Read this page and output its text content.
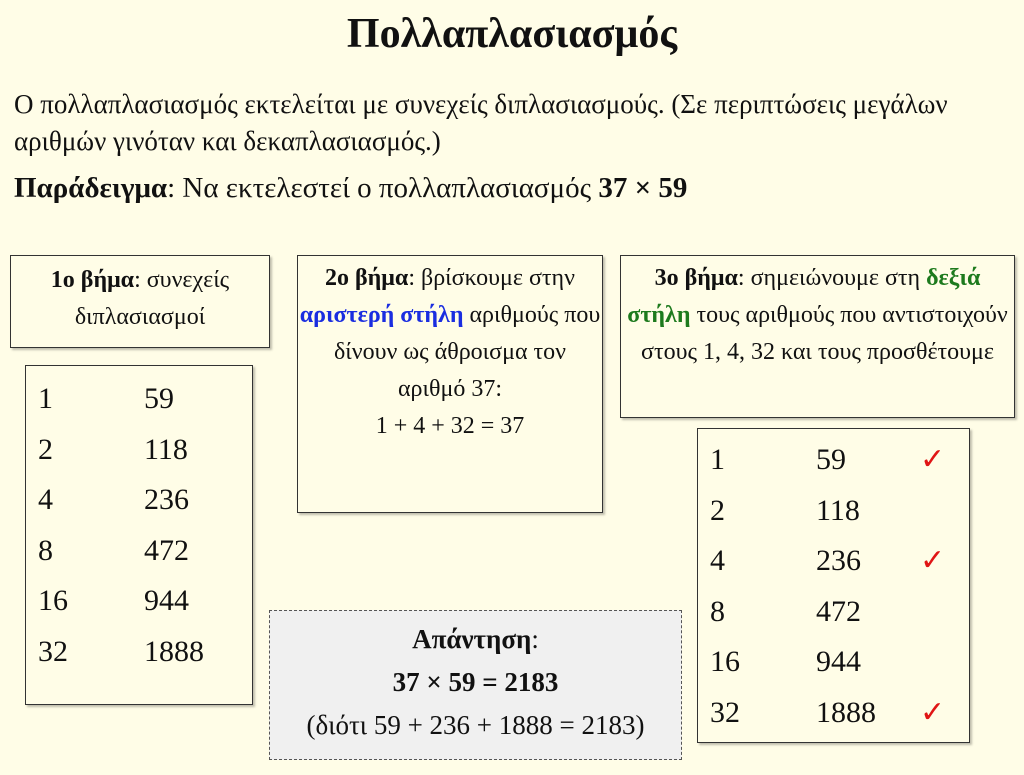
Πολλαπλασιασμός
Ο πολλαπλασιασμός εκτελείται με συνεχείς διπλασιασμούς. (Σε περιπτώσεις μεγάλων αριθμών γινόταν και δεκαπλασιασμός.)
Παράδειγμα: Να εκτελεστεί ο πολλαπλασιασμός 37 × 59
1ο βήμα: συνεχείς διπλασιασμοί
2ο βήμα: βρίσκουμε στην αριστερή στήλη αριθμούς που δίνουν ως άθροισμα τον αριθμό 37:
1 + 4 + 32 = 37
3ο βήμα: σημειώνουμε στη δεξιά στήλη τους αριθμούς που αντιστοιχούν στους 1, 4, 32 και τους προσθέτουμε
1	59
2	118
4	236
8	472
16	944
32	1888
1	59 ✓
2	118
4	236 ✓
8	472
16	944
32	1888 ✓
Απάντηση:
37 × 59 = 2183
(διότι 59 + 236 + 1888 = 2183)
